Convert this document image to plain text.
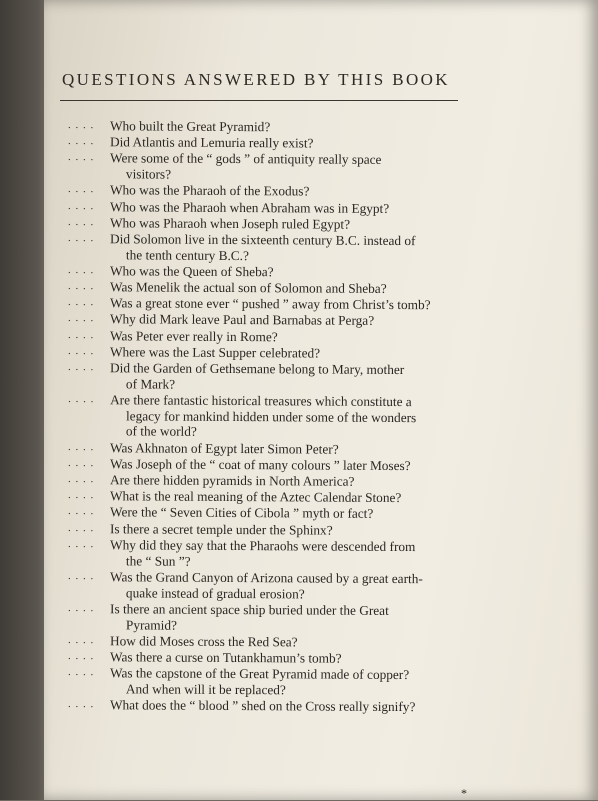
QUESTIONS ANSWERED BY THIS BOOK
. . . .	Who built the Great Pyramid?
. . . .	Did Atlantis and Lemuria really exist?
. . . .	Were some of the “ gods ” of antiquity really space
visitors?
. . . .	Who was the Pharaoh of the Exodus?
. . . .	Who was the Pharaoh when Abraham was in Egypt?
. . . .	Who was Pharaoh when Joseph ruled Egypt?
. . . .	Did Solomon live in the sixteenth century B.C. instead of
the tenth century B.C.?
. . . .	Who was the Queen of Sheba?
. . . .	Was Menelik the actual son of Solomon and Sheba?
. . . .	Was a great stone ever “ pushed ” away from Christ’s tomb?
. . . .	Why did Mark leave Paul and Barnabas at Perga?
. . . .	Was Peter ever really in Rome?
. . . .	Where was the Last Supper celebrated?
. . . .	Did the Garden of Gethsemane belong to Mary, mother
of Mark?
. . . .	Are there fantastic historical treasures which constitute a
legacy for mankind hidden under some of the wonders
of the world?
. . . .	Was Akhnaton of Egypt later Simon Peter?
. . . .	Was Joseph of the “ coat of many colours ” later Moses?
. . . .	Are there hidden pyramids in North America?
. . . .	What is the real meaning of the Aztec Calendar Stone?
. . . .	Were the “ Seven Cities of Cibola ” myth or fact?
. . . .	Is there a secret temple under the Sphinx?
. . . .	Why did they say that the Pharaohs were descended from
the “ Sun ”?
. . . .	Was the Grand Canyon of Arizona caused by a great earth-
quake instead of gradual erosion?
. . . .	Is there an ancient space ship buried under the Great
Pyramid?
. . . .	How did Moses cross the Red Sea?
. . . .	Was there a curse on Tutankhamun’s tomb?
. . . .	Was the capstone of the Great Pyramid made of copper?
And when will it be replaced?
. . . .	What does the “ blood ” shed on the Cross really signify?
*
